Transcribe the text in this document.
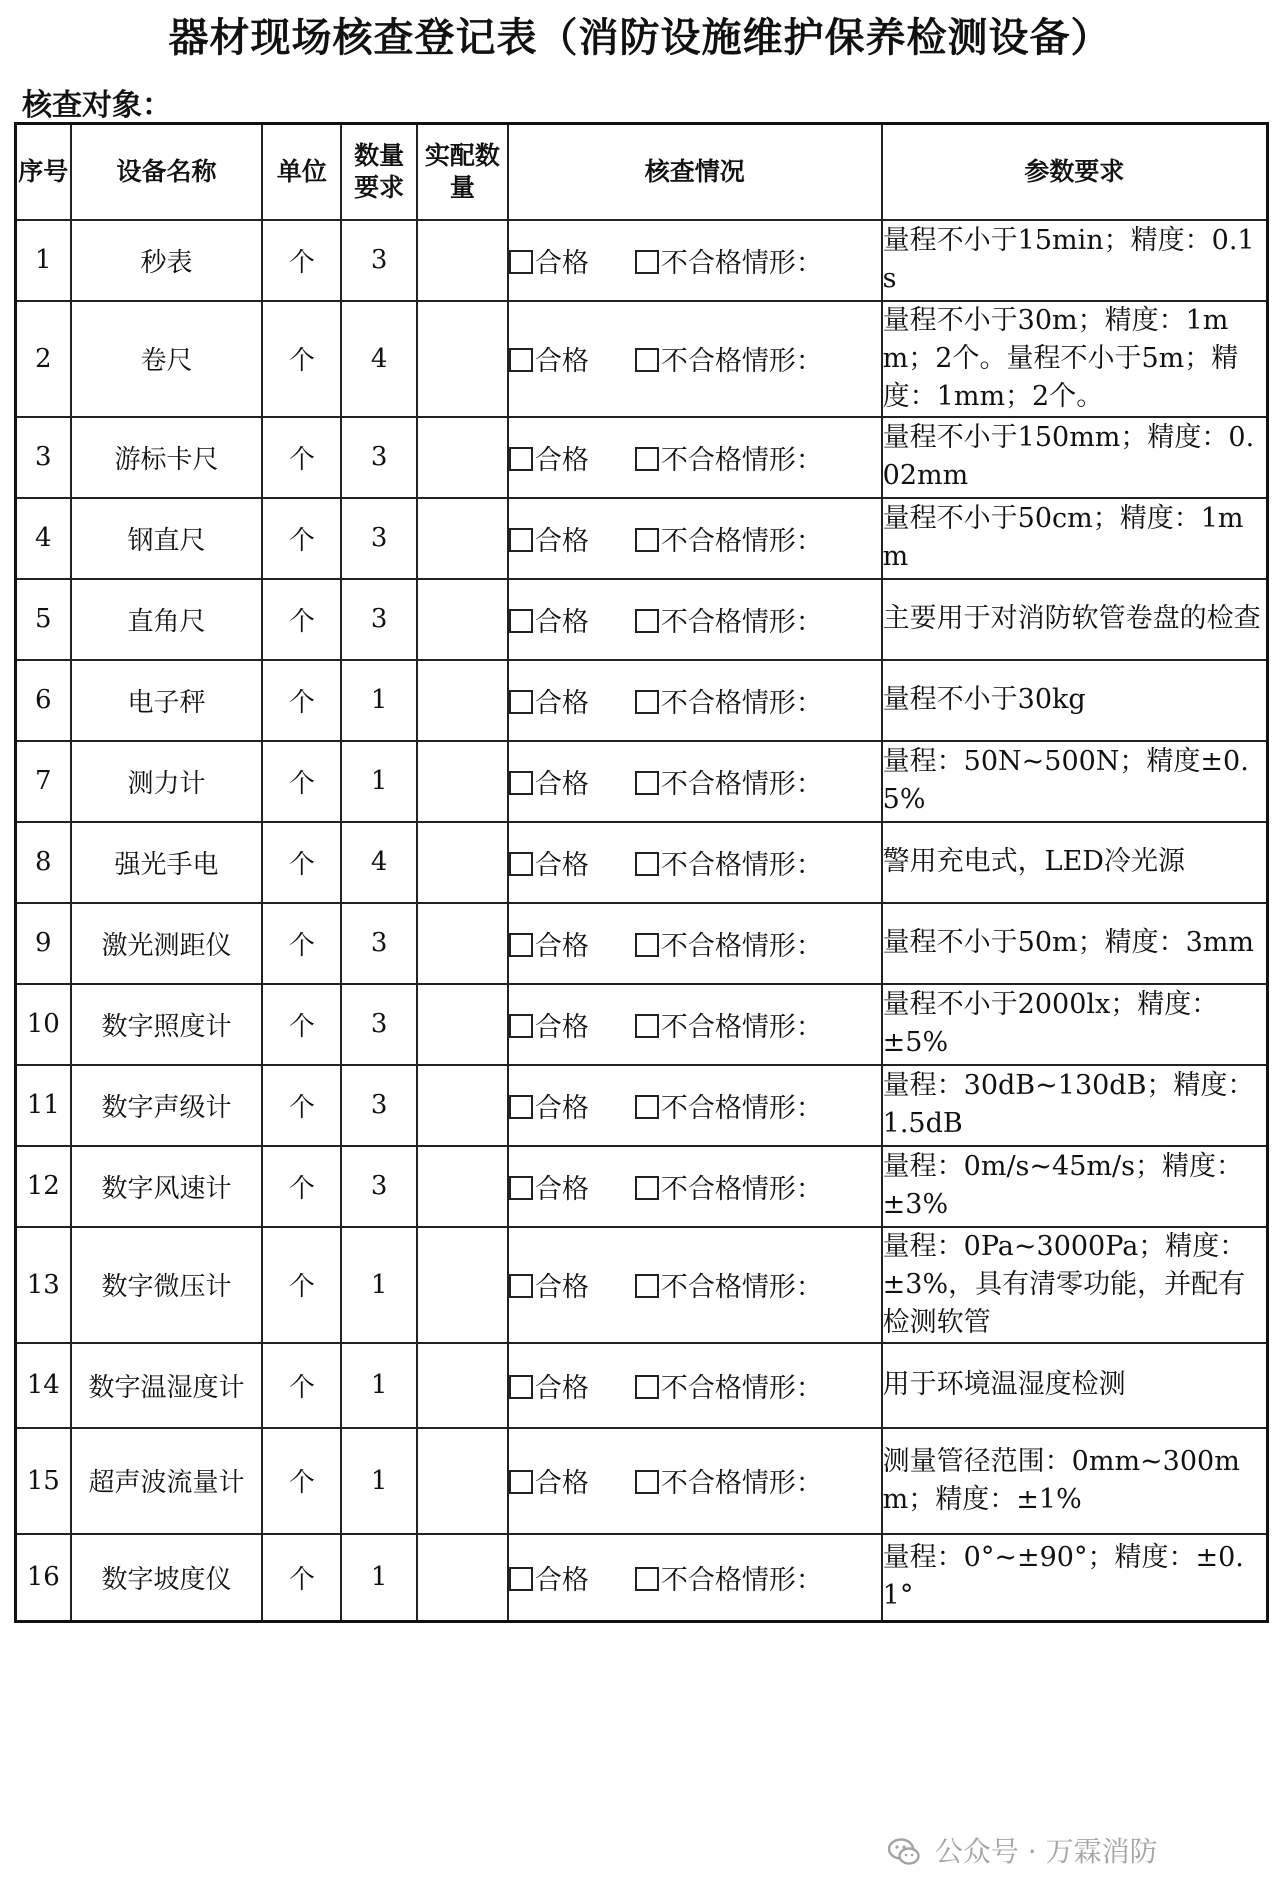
器材现场核查登记表（消防设施维护保养检测设备）
核查对象：
序号	设备名称	单位	数量要求	实配数量	核查情况	参数要求
1	秒表	个	3		合格 不合格情形：	量程不小于15min；精度：0.1s
2	卷尺	个	4		合格 不合格情形：	量程不小于30m；精度：1mm；2个。量程不小于5m；精度：1mm；2个。
3	游标卡尺	个	3		合格 不合格情形：	量程不小于150mm；精度：0.02mm
4	钢直尺	个	3		合格 不合格情形：	量程不小于50cm；精度：1mm
5	直角尺	个	3		合格 不合格情形：	主要用于对消防软管卷盘的检查
6	电子秤	个	1		合格 不合格情形：	量程不小于30kg
7	测力计	个	1		合格 不合格情形：	量程：50N~500N；精度±0.5%
8	强光手电	个	4		合格 不合格情形：	警用充电式，LED冷光源
9	激光测距仪	个	3		合格 不合格情形：	量程不小于50m；精度：3mm
10	数字照度计	个	3		合格 不合格情形：	量程不小于2000lx；精度：±5%
11	数字声级计	个	3		合格 不合格情形：	量程：30dB~130dB；精度：1.5dB
12	数字风速计	个	3		合格 不合格情形：	量程：0m/s~45m/s；精度：±3%
13	数字微压计	个	1		合格 不合格情形：	量程：0Pa~3000Pa；精度：±3%，具有清零功能，并配有检测软管
14	数字温湿度计	个	1		合格 不合格情形：	用于环境温湿度检测
15	超声波流量计	个	1		合格 不合格情形：	测量管径范围：0mm~300mm；精度：±1%
16	数字坡度仪	个	1		合格 不合格情形：	量程：0°~±90°；精度：±0.1°
公众号 · 万霖消防
